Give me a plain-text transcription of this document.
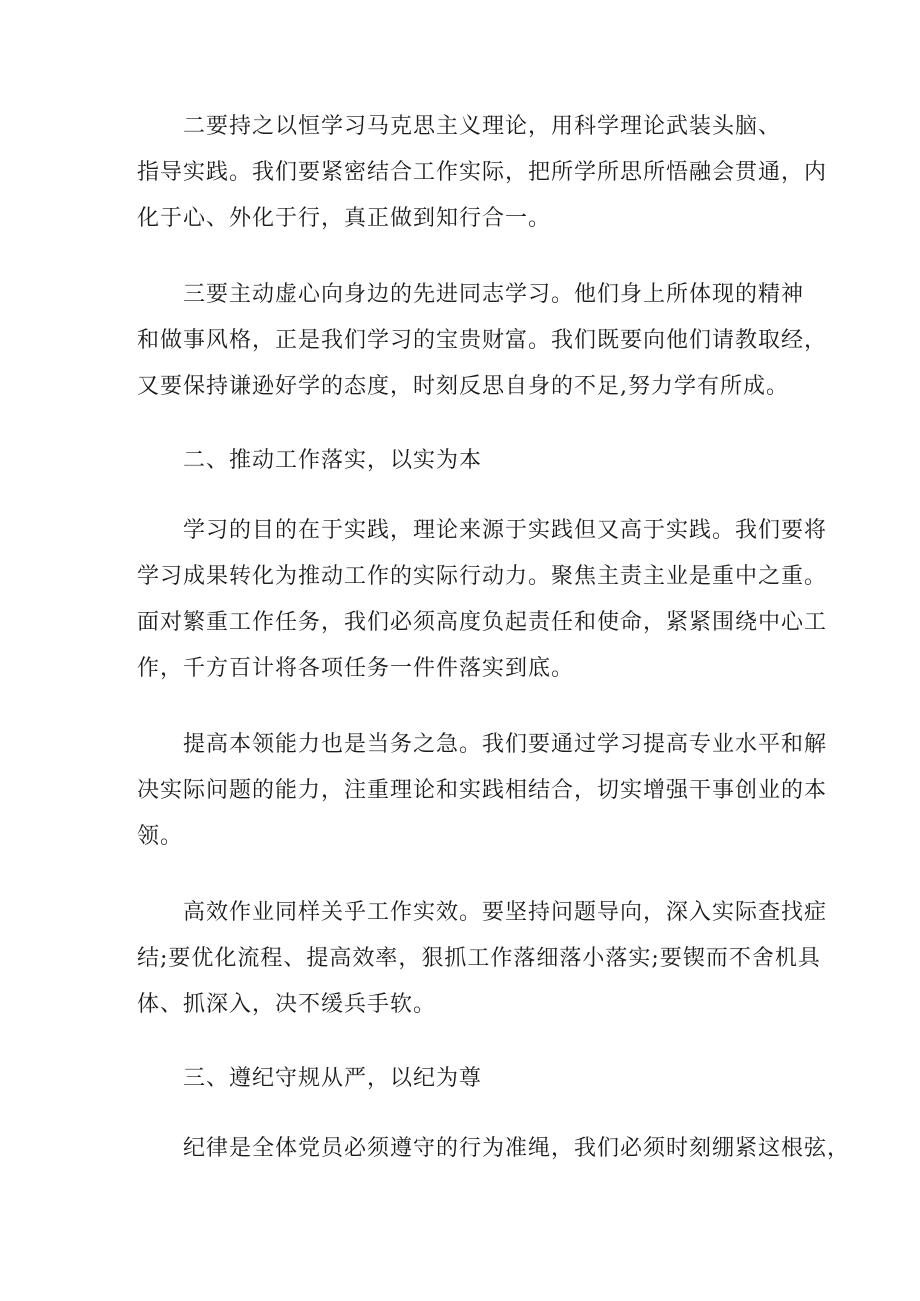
二要持之以恒学习马克思主义理论，用科学理论武装头脑、

指导实践。我们要紧密结合工作实际，把所学所思所悟融会贯通，内

化于心、外化于行，真正做到知行合一。

三要主动虚心向身边的先进同志学习。他们身上所体现的精神

和做事风格，正是我们学习的宝贵财富。我们既要向他们请教取经，

又要保持谦逊好学的态度，时刻反思自身的不足,努力学有所成。

二、推动工作落实，以实为本

学习的目的在于实践，理论来源于实践但又高于实践。我们要将

学习成果转化为推动工作的实际行动力。聚焦主责主业是重中之重。

面对繁重工作任务，我们必须高度负起责任和使命，紧紧围绕中心工

作，千方百计将各项任务一件件落实到底。

提高本领能力也是当务之急。我们要通过学习提高专业水平和解

决实际问题的能力，注重理论和实践相结合，切实增强干事创业的本

领。

高效作业同样关乎工作实效。要坚持问题导向，深入实际查找症

结;要优化流程、提高效率，狠抓工作落细落小落实;要锲而不舍机具

体、抓深入，决不缓兵手软。

三、遵纪守规从严，以纪为尊

纪律是全体党员必须遵守的行为准绳，我们必须时刻绷紧这根弦，
